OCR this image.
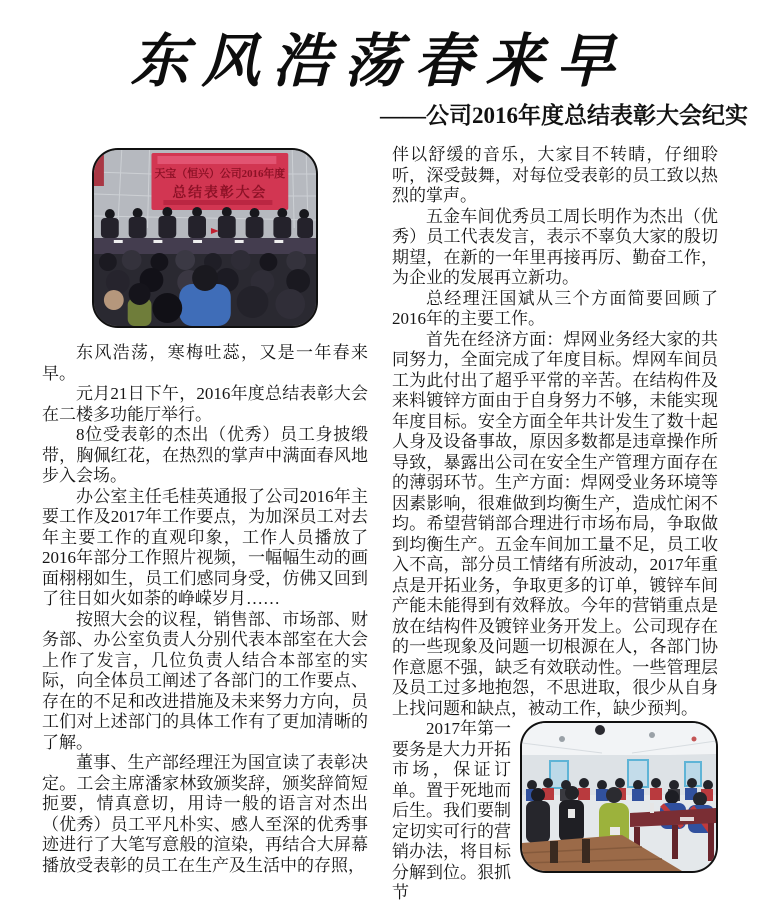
东风浩荡春来早
——公司2016年度总结表彰大会纪实
天宝（恒兴）公司2016年度
总结表彰大会

东风浩荡，寒梅吐蕊，又是一年春来早。

元月21日下午，2016年度总结表彰大会在二楼多功能厅举行。

8位受表彰的杰出（优秀）员工身披缎带，胸佩红花，在热烈的掌声中满面春风地步入会场。

办公室主任毛桂英通报了公司2016年主要工作及2017年工作要点，为加深员工对去年主要工作的直观印象，工作人员播放了2016年部分工作照片视频，一幅幅生动的画面栩栩如生，员工们感同身受，仿佛又回到了往日如火如荼的峥嵘岁月……

按照大会的议程，销售部、市场部、财务部、办公室负责人分别代表本部室在大会上作了发言，几位负责人结合本部室的实际，向全体员工阐述了各部门的工作要点、存在的不足和改进措施及未来努力方向，员工们对上述部门的具体工作有了更加清晰的了解。

董事、生产部经理汪为国宣读了表彰决定。工会主席潘家林致颁奖辞，颁奖辞简短扼要，情真意切，用诗一般的语言对杰出（优秀）员工平凡朴实、感人至深的优秀事迹进行了大笔写意般的渲染，再结合大屏幕播放受表彰的员工在生产及生活中的存照，

伴以舒缓的音乐，大家目不转睛，仔细聆听，深受鼓舞，对每位受表彰的员工致以热烈的掌声。

五金车间优秀员工周长明作为杰出（优秀）员工代表发言，表示不辜负大家的殷切期望，在新的一年里再接再厉、勤奋工作，为企业的发展再立新功。

总经理汪国斌从三个方面简要回顾了2016年的主要工作。

首先在经济方面：焊网业务经大家的共同努力，全面完成了年度目标。焊网车间员工为此付出了超乎平常的辛苦。在结构件及来料镀锌方面由于自身努力不够，未能实现年度目标。安全方面全年共计发生了数十起人身及设备事故，原因多数都是违章操作所导致，暴露出公司在安全生产管理方面存在的薄弱环节。生产方面：焊网受业务环境等因素影响，很难做到均衡生产，造成忙闲不均。希望营销部合理进行市场布局，争取做到均衡生产。五金车间加工量不足，员工收入不高，部分员工情绪有所波动，2017年重点是开拓业务，争取更多的订单，镀锌车间产能未能得到有效释放。今年的营销重点是放在结构件及镀锌业务开发上。公司现存在的一些现象及问题一切根源在人，各部门协作意愿不强，缺乏有效联动性。一些管理层及员工过多地抱怨，不思进取，很少从自身上找问题和缺点，被动工作，缺少预判。

2017年第一要务是大力开拓市场，保证订单。置于死地而后生。我们要制定切实可行的营销办法，将目标分解到位。狠抓节
